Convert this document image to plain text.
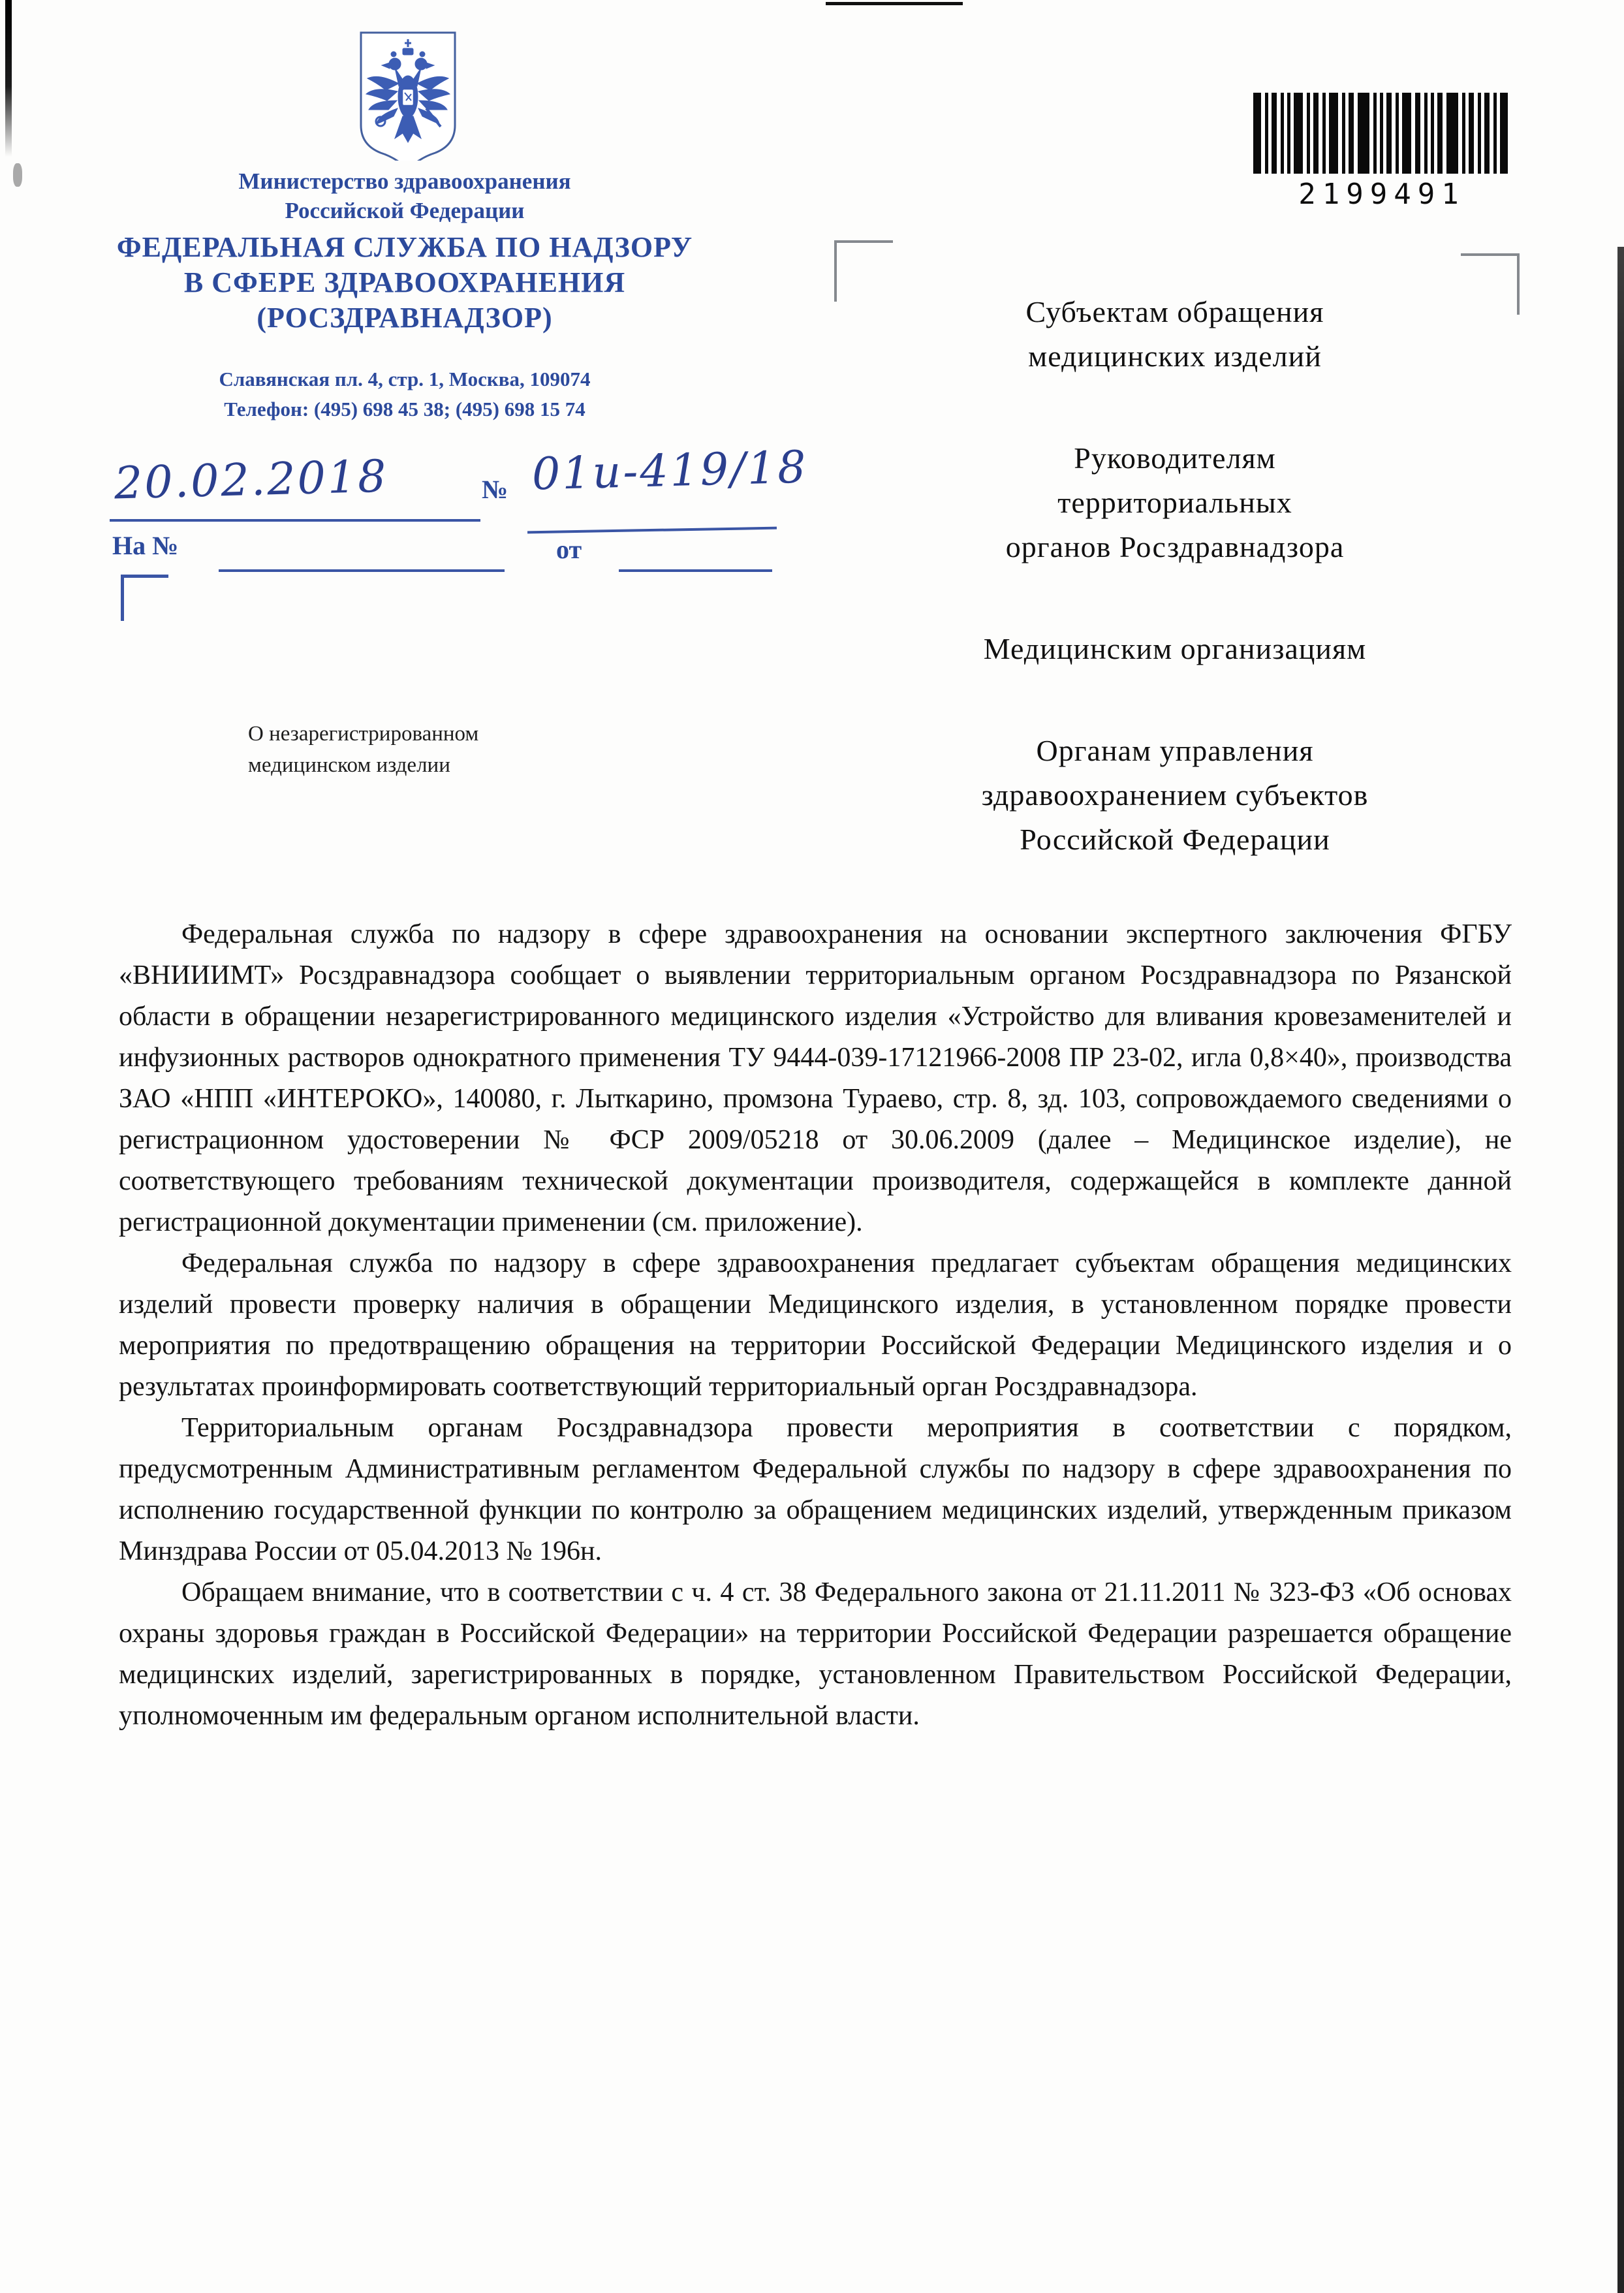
Министерство здравоохранения
Российской Федерации
ФЕДЕРАЛЬНАЯ СЛУЖБА ПО НАДЗОРУ
В СФЕРЕ ЗДРАВООХРАНЕНИЯ
(РОСЗДРАВНАДЗОР)
Славянская пл. 4, стр. 1, Москва, 109074
Телефон: (495) 698 45 38; (495) 698 15 74
20.02.2018	№ 01и-419/18
На №	от
2199491
Субъектам обращения
медицинских изделий
Руководителям
территориальных
органов Росздравнадзора
Медицинским организациям
Органам управления
здравоохранением субъектов
Российской Федерации
О незарегистрированном медицинском изделии

Федеральная служба по надзору в сфере здравоохранения на основании экспертного заключения ФГБУ «ВНИИИМТ» Росздравнадзора сообщает о выявлении территориальным органом Росздравнадзора по Рязанской области в обращении незарегистрированного медицинского изделия «Устройство для вливания кровезаменителей и инфузионных растворов однократного применения ТУ 9444-039-17121966-2008 ПР 23-02, игла 0,8×40», производства ЗАО «НПП «ИНТЕРОКО», 140080, г. Лыткарино, промзона Тураево, стр. 8, зд. 103, сопровождаемого сведениями о регистрационном удостоверении № ФСР 2009/05218 от 30.06.2009 (далее – Медицинское изделие), не соответствующего требованиям технической документации производителя, содержащейся в комплекте данной регистрационной документации применении (см. приложение).

Федеральная служба по надзору в сфере здравоохранения предлагает субъектам обращения медицинских изделий провести проверку наличия в обращении Медицинского изделия, в установленном порядке провести мероприятия по предотвращению обращения на территории Российской Федерации Медицинского изделия и о результатах проинформировать соответствующий территориальный орган Росздравнадзора.

Территориальным органам Росздравнадзора провести мероприятия в соответствии с порядком, предусмотренным Административным регламентом Федеральной службы по надзору в сфере здравоохранения по исполнению государственной функции по контролю за обращением медицинских изделий, утвержденным приказом Минздрава России от 05.04.2013 № 196н.

Обращаем внимание, что в соответствии с ч. 4 ст. 38 Федерального закона от 21.11.2011 № 323-ФЗ «Об основах охраны здоровья граждан в Российской Федерации» на территории Российской Федерации разрешается обращение медицинских изделий, зарегистрированных в порядке, установленном Правительством Российской Федерации, уполномоченным им федеральным органом исполнительной власти.
